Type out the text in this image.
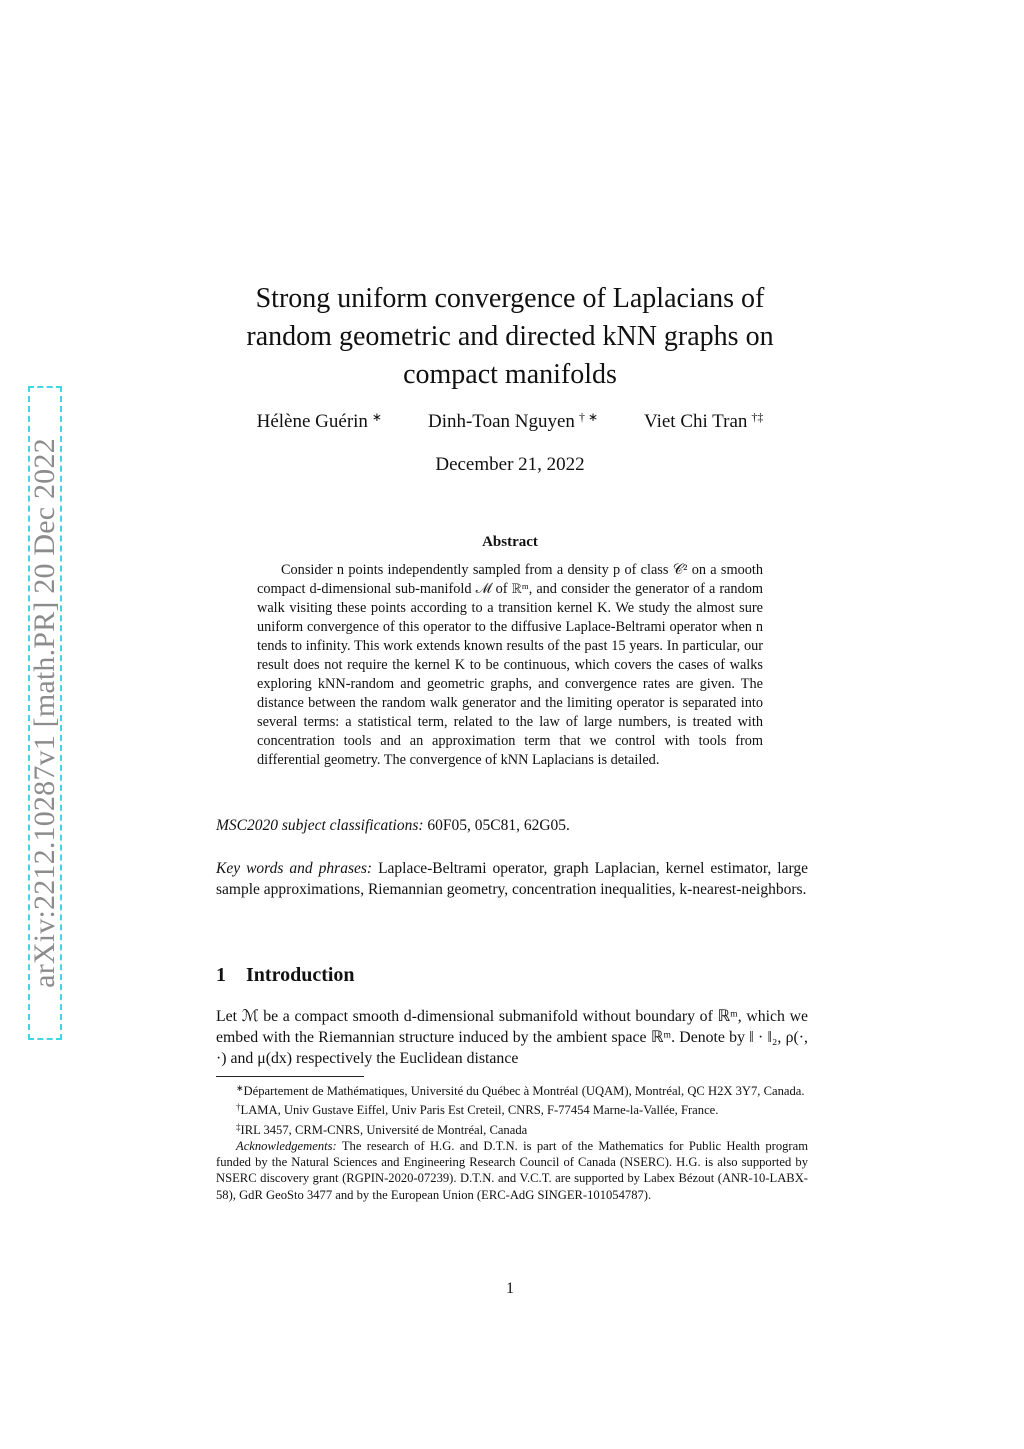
arXiv:2212.10287v1 [math.PR] 20 Dec 2022
Strong uniform convergence of Laplacians of
random geometric and directed kNN graphs on
compact manifolds
Hélène Guérin ∗ Dinh-Toan Nguyen † ∗ Viet Chi Tran †‡
December 21, 2022
Abstract

Consider n points independently sampled from a density p of class 𝒞² on a smooth compact d-dimensional sub-manifold ℳ of ℝᵐ, and consider the generator of a random walk visiting these points according to a transition kernel K. We study the almost sure uniform convergence of this operator to the diffusive Laplace-Beltrami operator when n tends to infinity. This work extends known results of the past 15 years. In particular, our result does not require the kernel K to be continuous, which covers the cases of walks exploring kNN-random and geometric graphs, and convergence rates are given. The distance between the random walk generator and the limiting operator is separated into several terms: a statistical term, related to the law of large numbers, is treated with concentration tools and an approximation term that we control with tools from differential geometry. The convergence of kNN Laplacians is detailed.

MSC2020 subject classifications: 60F05, 05C81, 62G05.

Key words and phrases: Laplace-Beltrami operator, graph Laplacian, kernel estimator, large sample approximations, Riemannian geometry, concentration inequalities, k-nearest-neighbors.

1 Introduction

Let ℳ be a compact smooth d-dimensional submanifold without boundary of ℝᵐ, which we embed with the Riemannian structure induced by the ambient space ℝᵐ. Denote by ‖ · ‖₂, ρ(·, ·) and μ(dx) respectively the Euclidean distance

∗Département de Mathématiques, Université du Québec à Montréal (UQAM), Montréal, QC H2X 3Y7, Canada.

†LAMA, Univ Gustave Eiffel, Univ Paris Est Creteil, CNRS, F-77454 Marne-la-Vallée, France.

‡IRL 3457, CRM-CNRS, Université de Montréal, Canada

Acknowledgements: The research of H.G. and D.T.N. is part of the Mathematics for Public Health program funded by the Natural Sciences and Engineering Research Council of Canada (NSERC). H.G. is also supported by NSERC discovery grant (RGPIN-2020-07239). D.T.N. and V.C.T. are supported by Labex Bézout (ANR-10-LABX-58), GdR GeoSto 3477 and by the European Union (ERC-AdG SINGER-101054787).

1
